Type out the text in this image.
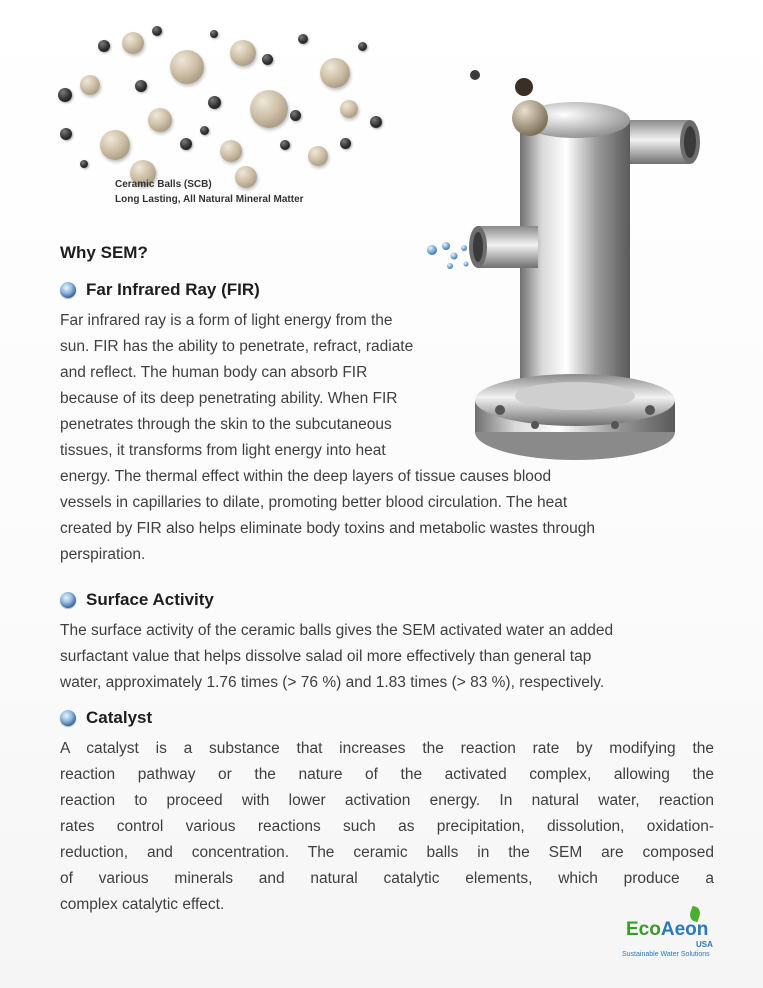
Ceramic Balls (SCB)
Long Lasting, All Natural Mineral Matter
Why SEM?
Far Infrared Ray (FIR)
Far infrared ray is a form of light energy from the
sun. FIR has the ability to penetrate, refract, radiate
and reflect. The human body can absorb FIR
because of its deep penetrating ability. When FIR
penetrates through the skin to the subcutaneous
tissues, it transforms from light energy into heat
energy. The thermal effect within the deep layers of tissue causes blood
vessels in capillaries to dilate, promoting better blood circulation. The heat
created by FIR also helps eliminate body toxins and metabolic wastes through
perspiration.
Surface Activity
The surface activity of the ceramic balls gives the SEM activated water an added
surfactant value that helps dissolve salad oil more effectively than general tap
water, approximately 1.76 times (> 76 %) and 1.83 times (> 83 %), respectively.
Catalyst
A catalyst is a substance that increases the reaction rate by modifying the
reaction pathway or the nature of the activated complex, allowing the
reaction to proceed with lower activation energy. In natural water, reaction
rates control various reactions such as precipitation, dissolution, oxidation-
reduction, and concentration. The ceramic balls in the SEM are composed
of various minerals and natural catalytic elements, which produce a
complex catalytic effect.
EcoAeon
USA
Sustainable Water Solutions
